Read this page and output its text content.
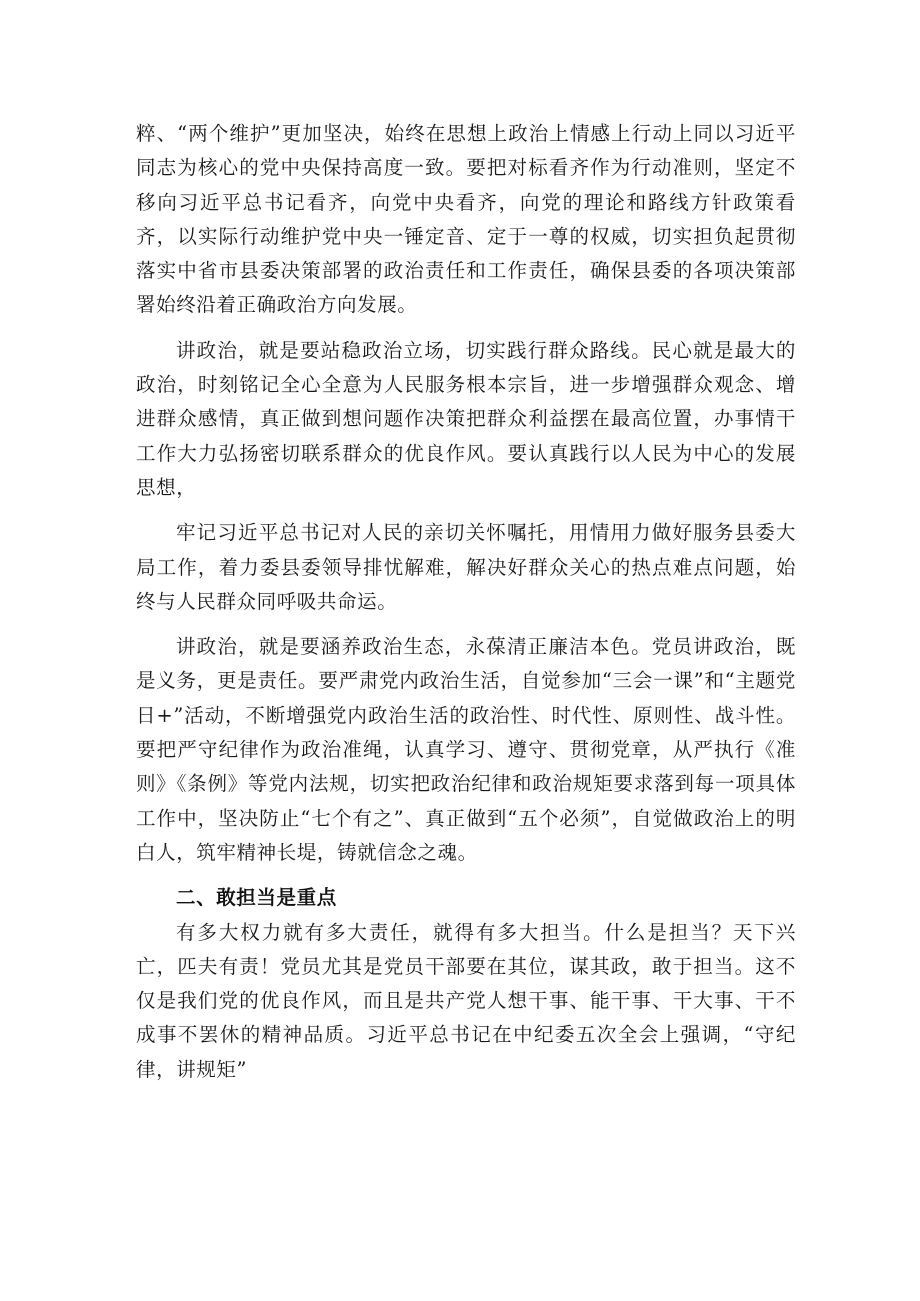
粹、“两个维护”更加坚决，始终在思想上政治上情感上行动上同以习近平同志为核心的党中央保持高度一致。要把对标看齐作为行动准则，坚定不移向习近平总书记看齐，向党中央看齐，向党的理论和路线方针政策看齐，以实际行动维护党中央一锤定音、定于一尊的权威，切实担负起贯彻落实中省市县委决策部署的政治责任和工作责任，确保县委的各项决策部署始终沿着正确政治方向发展。

讲政治，就是要站稳政治立场，切实践行群众路线。民心就是最大的政治，时刻铭记全心全意为人民服务根本宗旨，进一步增强群众观念、增进群众感情，真正做到想问题作决策把群众利益摆在最高位置，办事情干工作大力弘扬密切联系群众的优良作风。要认真践行以人民为中心的发展思想，

牢记习近平总书记对人民的亲切关怀嘱托，用情用力做好服务县委大局工作，着力委县委领导排忧解难，解决好群众关心的热点难点问题，始终与人民群众同呼吸共命运。

讲政治，就是要涵养政治生态，永葆清正廉洁本色。党员讲政治，既是义务，更是责任。要严肃党内政治生活，自觉参加“三会一课”和“主题党日+”活动，不断增强党内政治生活的政治性、时代性、原则性、战斗性。要把严守纪律作为政治准绳，认真学习、遵守、贯彻党章，从严执行《准则》《条例》等党内法规，切实把政治纪律和政治规矩要求落到每一项具体工作中，坚决防止“七个有之”、真正做到“五个必须”，自觉做政治上的明白人，筑牢精神长堤，铸就信念之魂。

二、敢担当是重点

有多大权力就有多大责任，就得有多大担当。什么是担当？天下兴亡，匹夫有责！党员尤其是党员干部要在其位，谋其政，敢于担当。这不仅是我们党的优良作风，而且是共产党人想干事、能干事、干大事、干不成事不罢休的精神品质。习近平总书记在中纪委五次全会上强调，“守纪律，讲规矩”
